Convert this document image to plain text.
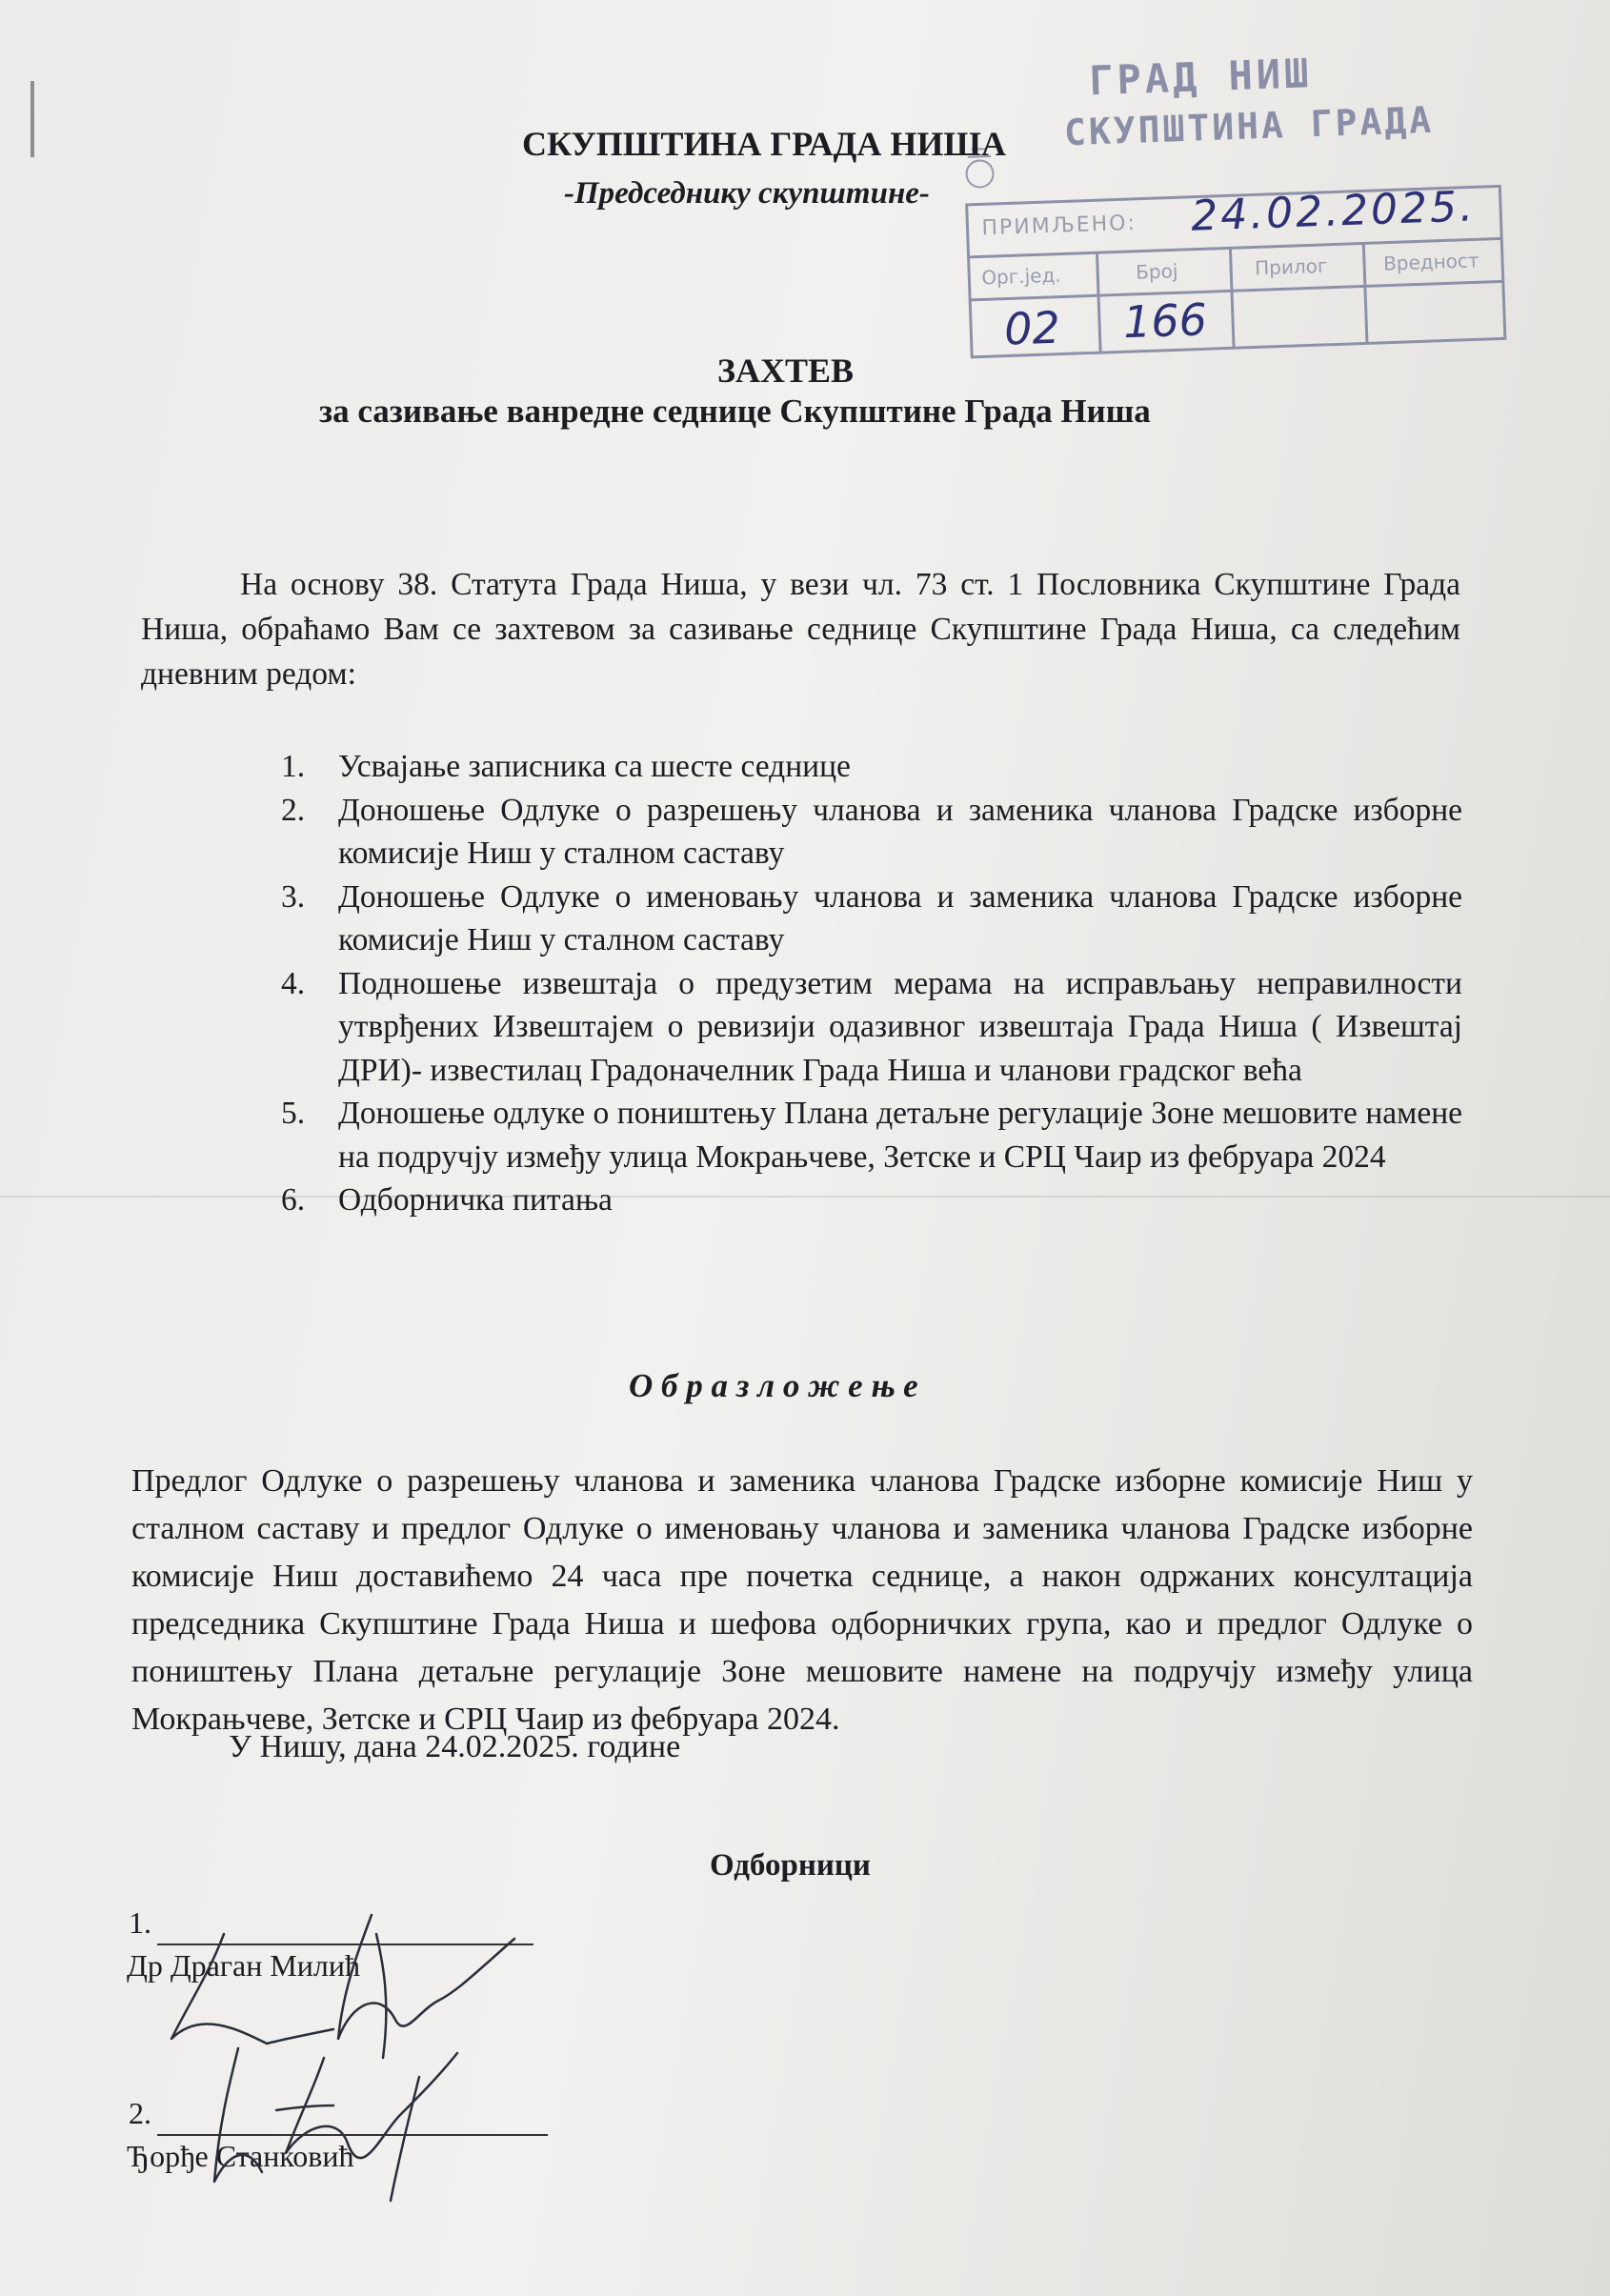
ГРАД НИШ
СКУПШТИНА ГРАДА
ПРИМЉЕНО: 24.02.2025.
Орг.јед.	Број	Прилог	Вредност
02 166
СКУПШТИНА ГРАДА НИША
-Председнику скупштине-
ЗАХТЕВ
за сазивање ванредне седнице Скупштине Града Ниша
На основу 38. Статута Града Ниша, у вези чл. 73 ст. 1 Пословника Скупштине Града Ниша, обраћамо Вам се захтевом за сазивање седнице Скупштине Града Ниша, са следећим дневним редом:
1. Усвајање записника са шесте седнице
2. Доношење Одлуке о разрешењу чланова и заменика чланова Градске изборне комисије Ниш у сталном саставу
3. Доношење Одлуке о именовању чланова и заменика чланова Градске изборне комисије Ниш у сталном саставу
4. Подношење извештаја о предузетим мерама на исправљању неправилности утврђених Извештајем о ревизији одазивног извештаја Града Ниша ( Извештај ДРИ)- известилац Градоначелник Града Ниша и чланови градског већа
5. Доношење одлуке о поништењу Плана детаљне регулације Зоне мешовите намене на подручју између улица Мокрањчеве, Зетске и СРЦ Чаир из фебруара 2024
6. Одборничка питања
О б р а з л о ж е њ е
Предлог Одлуке о разрешењу чланова и заменика чланова Градске изборне комисије Ниш у сталном саставу и предлог Одлуке о именовању чланова и заменика чланова Градске изборне комисије Ниш доставићемо 24 часа пре почетка седнице, а након одржаних консултација председника Скупштине Града Ниша и шефова одборничких група, као и предлог Одлуке о поништењу Плана детаљне регулације Зоне мешовите намене на подручју између улица Мокрањчеве, Зетске и СРЦ Чаир из фебруара 2024.
У Нишу, дана 24.02.2025. године
Одборници
1.
Др Драган Милић
2.
Ђорђе Станковић
